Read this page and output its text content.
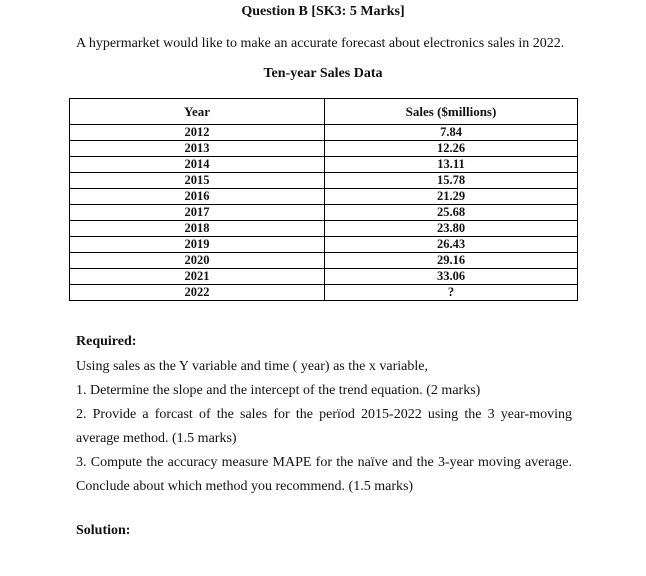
Question B [SK3: 5 Marks]
A hypermarket would like to make an accurate forecast about electronics sales in 2022.
Ten-year Sales Data
Year	Sales ($millions)
2012	7.84
2013	12.26
2014	13.11
2015	15.78
2016	21.29
2017	25.68
2018	23.80
2019	26.43
2020	29.16
2021	33.06
2022	?
Required:
Using sales as the Y variable and time ( year) as the x variable,
1. Determine the slope and the intercept of the trend equation. (2 marks)
2. Provide a forcast of the sales for the perïod 2015-2022 using the 3 year-moving average method. (1.5 marks)
3. Compute the accuracy measure MAPE for the naïve and the 3-year moving average. Conclude about which method you recommend. (1.5 marks)
Solution:
